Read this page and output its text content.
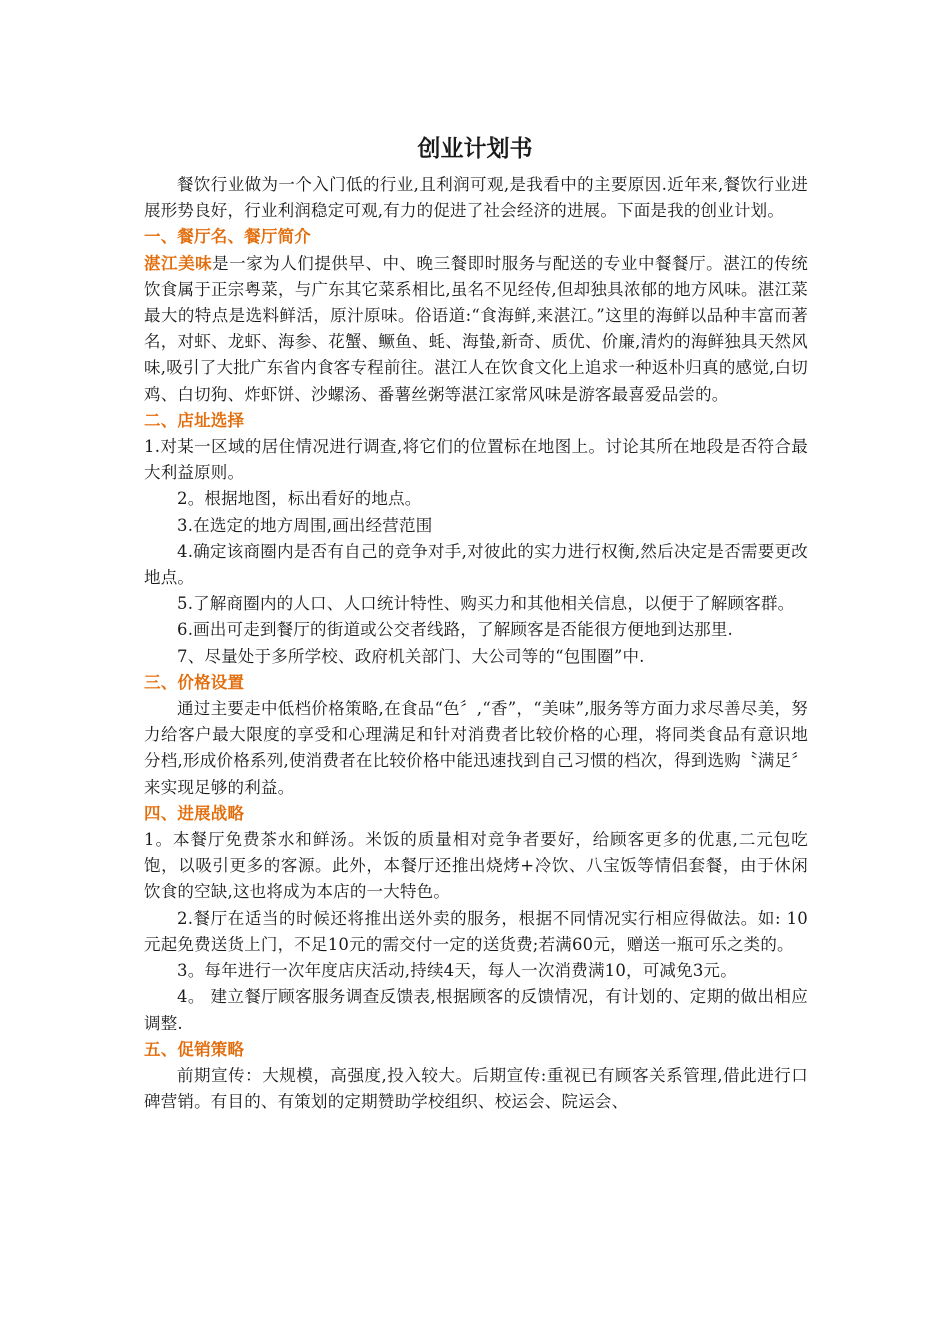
创业计划书

餐饮行业做为一个入门低的行业,且利润可观,是我看中的主要原因.近年来,餐饮行业进展形势良好，行业利润稳定可观,有力的促进了社会经济的进展。下面是我的创业计划。

一、餐厅名、餐厅简介

湛江美味是一家为人们提供早、中、晚三餐即时服务与配送的专业中餐餐厅。湛江的传统饮食属于正宗粤菜，与广东其它菜系相比,虽名不见经传,但却独具浓郁的地方风味。湛江菜最大的特点是选料鲜活，原汁原味。俗语道:“食海鲜,来湛江。”这里的海鲜以品种丰富而著名，对虾、龙虾、海参、花蟹、鳜鱼、蚝、海蛰,新奇、质优、价廉,清灼的海鲜独具天然风味,吸引了大批广东省内食客专程前往。湛江人在饮食文化上追求一种返朴归真的感觉,白切鸡、白切狗、炸虾饼、沙螺汤、番薯丝粥等湛江家常风味是游客最喜爱品尝的。

二、店址选择

1.对某一区域的居住情况进行调查,将它们的位置标在地图上。讨论其所在地段是否符合最大利益原则。

2。根据地图，标出看好的地点。

3.在选定的地方周围,画出经营范围

4.确定该商圈内是否有自己的竞争对手,对彼此的实力进行权衡,然后决定是否需要更改地点。

5.了解商圈内的人口、人口统计特性、购买力和其他相关信息，以便于了解顾客群。

6.画出可走到餐厅的街道或公交者线路，了解顾客是否能很方便地到达那里.

7、尽量处于多所学校、政府机关部门、大公司等的“包围圈”中.

三、价格设置

通过主要走中低档价格策略,在食品“色〞,“香”，“美味”,服务等方面力求尽善尽美，努力给客户最大限度的享受和心理满足和针对消费者比较价格的心理，将同类食品有意识地分档,形成价格系列,使消费者在比较价格中能迅速找到自己习惯的档次，得到选购〝满足〞来实现足够的利益。

四、进展战略

1。本餐厅免费茶水和鲜汤。米饭的质量相对竞争者要好，给顾客更多的优惠,二元包吃饱，以吸引更多的客源。此外，本餐厅还推出烧烤+冷饮、八宝饭等情侣套餐，由于休闲饮食的空缺,这也将成为本店的一大特色。

2.餐厅在适当的时候还将推出送外卖的服务，根据不同情况实行相应得做法。如: 10元起免费送货上门，不足10元的需交付一定的送货费;若满60元，赠送一瓶可乐之类的。

3。每年进行一次年度店庆活动,持续4天，每人一次消费满10，可减免3元。

4。 建立餐厅顾客服务调查反馈表,根据顾客的反馈情况，有计划的、定期的做出相应调整.

五、促销策略

前期宣传：大规模，高强度,投入较大。后期宣传:重视已有顾客关系管理,借此进行口碑营销。有目的、有策划的定期赞助学校组织、校运会、院运会、
